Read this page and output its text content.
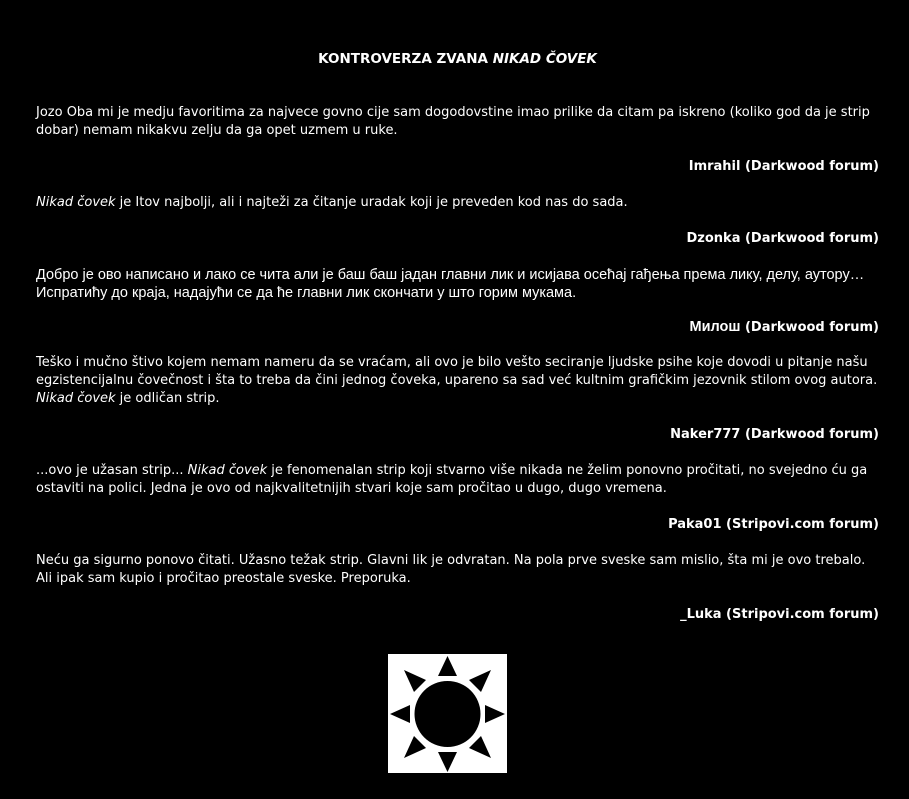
KONTROVERZA ZVANA NIKAD ČOVEK

Jozo Oba mi je medju favoritima za najvece govno cije sam dogodovstine imao prilike da citam pa iskreno (koliko god da je strip dobar) nemam nikakvu zelju da ga opet uzmem u ruke.

Imrahil (Darkwood forum)

Nikad čovek je Itov najbolji, ali i najteži za čitanje uradak koji je preveden kod nas do sada.

Dzonka (Darkwood forum)

Добро је ово написано и лако се чита али је баш баш јадан главни лик и исијава осећај гађења према лику, делу, аутору… Испратићу до краја, надајући се да ће главни лик скончати у што горим мукама.

Милош (Darkwood forum)

Teško i mučno štivo kojem nemam nameru da se vraćam, ali ovo je bilo vešto seciranje ljudske psihe koje dovodi u pitanje našu egzistencijalnu čovečnost i šta to treba da čini jednog čoveka, upareno sa sad već kultnim grafičkim jezovnik stilom ovog autora. Nikad čovek je odličan strip.

Naker777 (Darkwood forum)

...ovo je užasan strip... Nikad čovek je fenomenalan strip koji stvarno više nikada ne želim ponovno pročitati, no svejedno ću ga ostaviti na polici. Jedna je ovo od najkvalitetnijih stvari koje sam pročitao u dugo, dugo vremena.

Paka01 (Stripovi.com forum)

Neću ga sigurno ponovo čitati. Užasno težak strip. Glavni lik je odvratan. Na pola prve sveske sam mislio, šta mi je ovo trebalo. Ali ipak sam kupio i pročitao preostale sveske. Preporuka.

_Luka (Stripovi.com forum)
